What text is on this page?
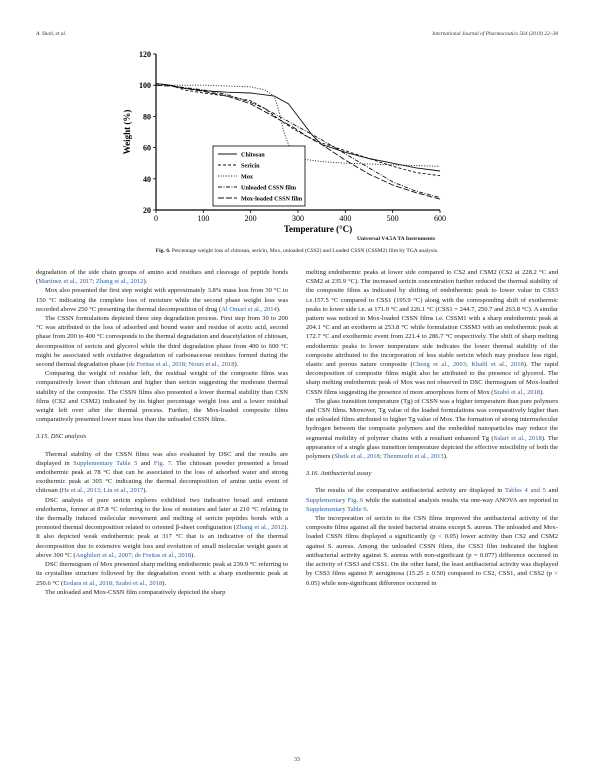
A. Shah, et al.	International Journal of Pharmaceutics 564 (2019) 22–38
0	100	200	300	400	500	600
20
40
60
80
100
120
Temperature (°C)
Weight (%)
Chitosan
Sericin
Mox
Unloaded CSSN film
Mox-loaded CSSN film
Universal V4.5A TA Instruments
Fig. 6. Percentage weight loss of chitosan, sericin, Mox, unloaded (CSS2) and Loaded CSSN (CSSM2) film by TGA analysis.

degradation of the side chain groups of amino acid residues and cleavage of peptide bonds (Martínez et al., 2017; Zhang et al., 2012).

Mox also presented the first step weight with approximately 3.8% mass loss from 30 °C to 150 °C indicating the complete loss of moisture while the second phase weight loss was recorded above 250 °C presenting the thermal decomposition of drug (Al Omari et al., 2014).

The CSSN formulations depicted three step degradation process. First step from 30 to 200 °C was attributed to the loss of adsorbed and bound water and residue of acetic acid, second phase from 200 to 400 °C corresponds to the thermal degradation and deacetylation of chitosan, decomposition of sericin and glycerol while the third degradation phase from 400 to 600 °C might be associated with oxidative degradation of carbonaceous residues formed during the second thermal degradation phase (de Freitas et al., 2018; Nouri et al., 2018).

Comparing the weight of residue left, the residual weight of the composite films was comparatively lower than chitosan and higher than sericin suggesting the moderate thermal stability of the composite. The CSSN films also presented a lower thermal stability than CSN films (CS2 and CSM2) indicated by its higher percentage weight loss and a lower residual weight left over after the thermal process. Further, the Mox-loaded composite films comparatively presented lower mass loss than the unloaded CSSN films.

3.15. DSC analysis

Thermal stability of the CSSN films was also evaluated by DSC and the results are displayed in Supplementary Table 5 and Fig. 7. The chitosan powder presented a broad endothermic peak at 78 °C that can be associated to the loss of adsorbed water and strong exothermic peak at 305 °C indicating the thermal decomposition of amine units event of chitosan (He et al., 2013; Liu et al., 2017).

DSC analysis of pure sericin explores exhibited two indicative broad and eminent endotherms, former at 87.8 °C referring to the loss of moisture and later at 210 °C relating to the thermally induced molecular movement and melting of sericin peptides bonds with a promoted thermal decomposition related to oriented β-sheet configuration (Zhang et al., 2012). It also depicted weak endothermic peak at 317 °C that is an indicative of the thermal decomposition due to extensive weight loss and evolution of small molecular weight gases at above 300 °C (Anghileri et al., 2007; de Freitas et al., 2018).

DSC thermogram of Mox presented sharp melting endothermic peak at 239.9 °C referring to its crystalline structure followed by the degradation event with a sharp exothermic peak at 250.6 °C (Eedara et al., 2018; Szabó et al., 2018).

The unloaded and Mox-CSSN film comparatively depicted the sharp

melting endothermic peaks at lower side compared to CS2 and CSM2 (CS2 at 228.2 °C and CSM2 at 235.9 °C). The increased sericin concentration further reduced the thermal stability of the composite films as indicated by shifting of endothermic peak to lower value in CSS3 i.e.157.5 °C compared to CSS1 (195.9 °C) along with the corresponding shift of exothermic peaks to lower side i.e. at 171.0 °C and 226.1 °C (CSS1 = 244.7, 250.7 and 263.8 °C). A similar pattern was noticed in Mox-loaded CSSN films i.e. CSSM1 with a sharp endothermic peak at 204.1 °C and an exotherm at 253.8 °C while formulation CSSM3 with an endothermic peak at 172.7 °C and exothermic event from 221.4 to 286.7 °C respectively. The shift of sharp melting endothermic peaks to lower temperature side indicates the lower thermal stability of the composite attributed to the incorporation of less stable sericin which may produce less rigid, elastic and porous nature composite (Cheng et al., 2003; Khalil et al., 2018). The rapid decomposition of composite films might also be attributed to the presence of glycerol. The sharp melting endothermic peak of Mox was not observed in DSC thermogram of Mox-loaded CSSN films suggesting the presence of more amorphous form of Mox (Szabó et al., 2018).

The glass transition temperature (Tg) of CSSN was a higher temperature than pure polymers and CSN films. Moreover, Tg value of the loaded formulations was comparatively higher than the unloaded films attributed to higher Tg value of Mox. The formation of strong intermolecular hydrogen between the composite polymers and the embedded nanoparticles may reduce the segmental mobility of polymer chains with a resultant enhanced Tg (Salari et al., 2018). The appearance of a single glass transition temperature depicted the effective miscibility of both the polymers (Sheik et al., 2018; Thenmozhi et al., 2013).

3.16. Antibacterial assay

The results of the comparative antibacterial activity are displayed in Tables 4 and 5 and Supplementary Fig. 6 while the statistical analysis results via one-way ANOVA are reported in Supplementary Table 6.

The incorporation of sericin to the CSN films improved the antibacterial activity of the composite films against all the tested bacterial strains except S. aureus. The unloaded and Mox-loaded CSSN films displayed a significantly (p < 0.05) lower activity than CS2 and CSM2 against S. aureus. Among the unloaded CSSN films, the CSS3 film indicated the highest antibacterial activity against S. aureus with non-significant (p = 0.077) difference occurred in the activity of CSS3 and CSS1. On the other hand, the least antibacterial activity was displayed by CSS3 films against P. aeruginosa (15.25 ± 0.50) compared to CS2, CSS1, and CSS2 (p < 0.05) while non-significant difference occurred in

33
